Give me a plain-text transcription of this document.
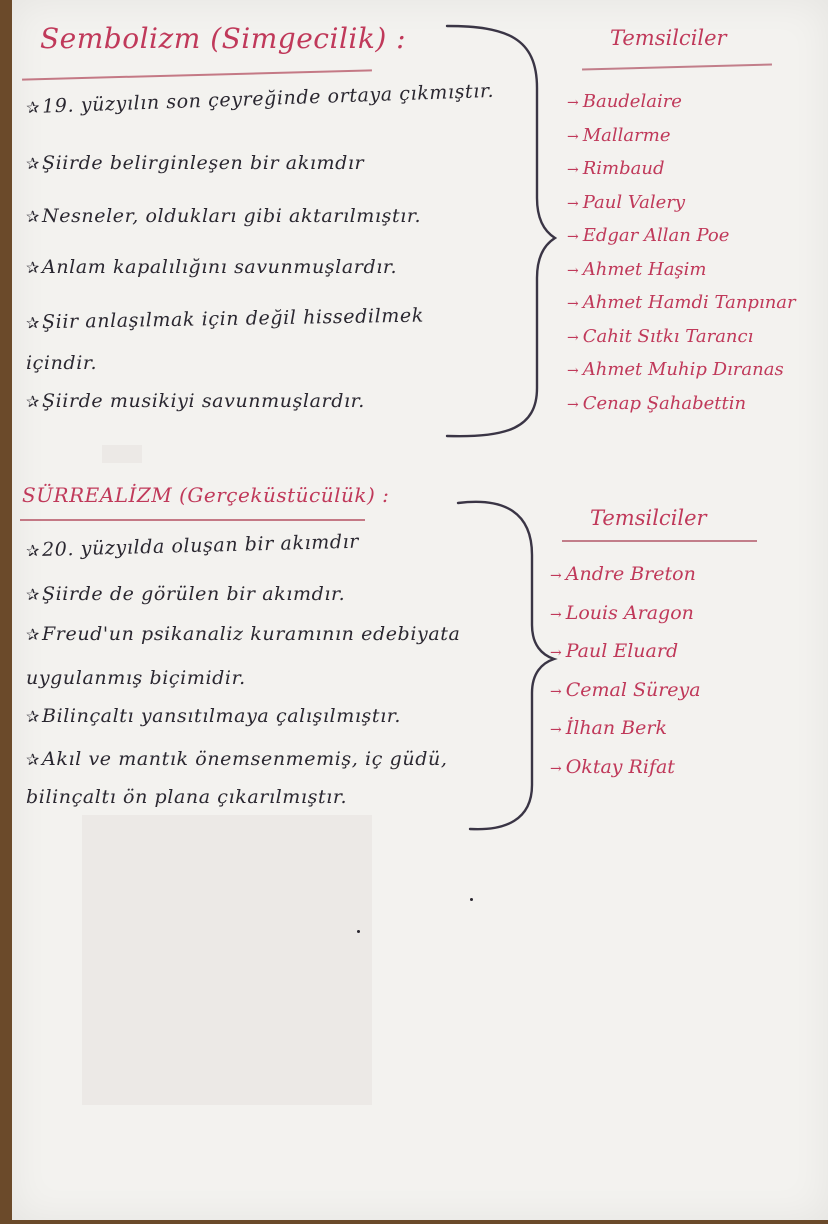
Sembolizm (Simgecilik) :
✰19. yüzyılın son çeyreğinde ortaya çıkmıştır.
✰ Şiirde belirginleşen bir akımdır
✰ Nesneler, oldukları gibi aktarılmıştır.
✰ Anlam kapalılığını savunmuşlardır.
✰Şiir anlaşılmak için değil hissedilmek
içindir.
✰ Şiirde musikiyi savunmuşlardır.
Temsilciler
→ Baudelaire
→ Mallarme
→ Rimbaud
→ Paul Valery
→ Edgar Allan Poe
→ Ahmet Haşim
→ Ahmet Hamdi Tanpınar
→ Cahit Sıtkı Tarancı
→ Ahmet Muhip Dıranas
→ Cenap Şahabettin
SÜRREALİZM (Gerçeküstücülük) :
✰20. yüzyılda oluşan bir akımdır
✰ Şiirde de görülen bir akımdır.
✰ Freud'un psikanaliz kuramının edebiyata
uygulanmış biçimidir.
✰ Bilinçaltı yansıtılmaya çalışılmıştır.
✰ Akıl ve mantık önemsenmemiş, iç güdü,
bilinçaltı ön plana çıkarılmıştır.
Temsilciler
→ Andre Breton
→ Louis Aragon
→ Paul Eluard
→ Cemal Süreya
→ İlhan Berk
→ Oktay Rifat
